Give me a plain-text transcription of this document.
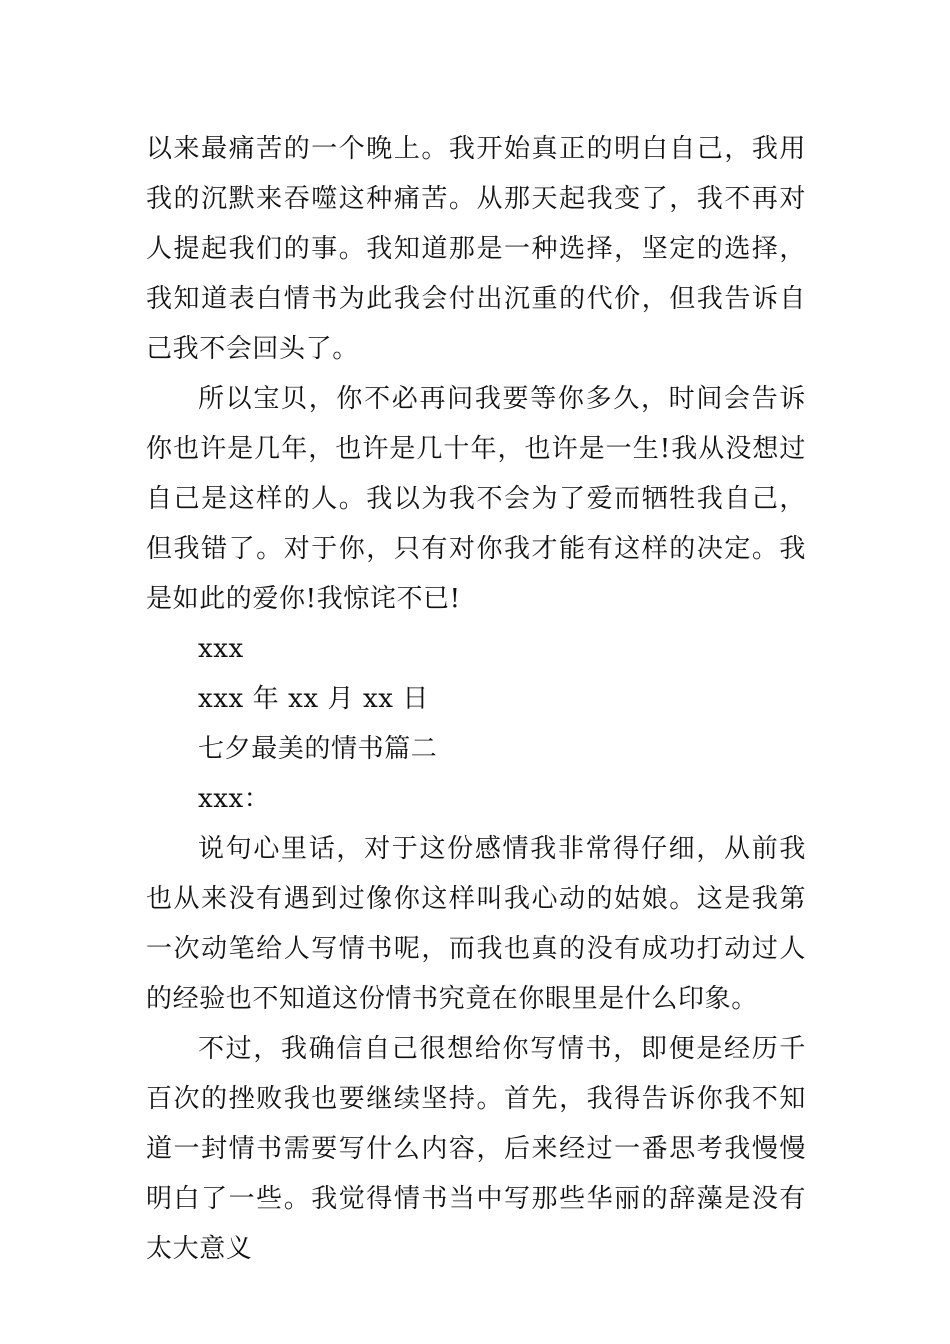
以来最痛苦的一个晚上。我开始真正的明白自己，我用我的沉默来吞噬这种痛苦。从那天起我变了，我不再对人提起我们的事。我知道那是一种选择，坚定的选择，我知道表白情书为此我会付出沉重的代价，但我告诉自己我不会回头了。

所以宝贝，你不必再问我要等你多久，时间会告诉你也许是几年，也许是几十年，也许是一生!我从没想过自己是这样的人。我以为我不会为了爱而牺牲我自己，但我错了。对于你，只有对你我才能有这样的决定。我是如此的爱你!我惊诧不已!

xxx

xxx 年 xx 月 xx 日

七夕最美的情书篇二

xxx：

说句心里话，对于这份感情我非常得仔细，从前我也从来没有遇到过像你这样叫我心动的姑娘。这是我第一次动笔给人写情书呢，而我也真的没有成功打动过人的经验也不知道这份情书究竟在你眼里是什么印象。

不过，我确信自己很想给你写情书，即便是经历千百次的挫败我也要继续坚持。首先，我得告诉你我不知道一封情书需要写什么内容，后来经过一番思考我慢慢明白了一些。我觉得情书当中写那些华丽的辞藻是没有太大意义
